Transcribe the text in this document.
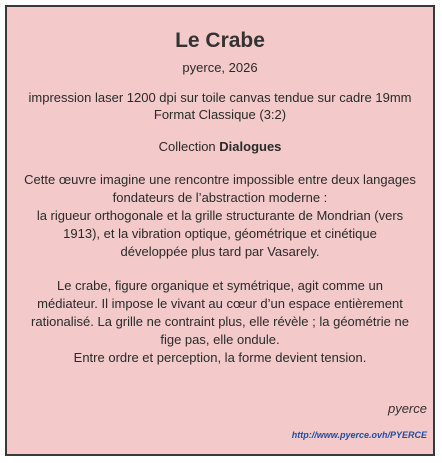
Le Crabe
pyerce, 2026
impression laser 1200 dpi sur toile canvas tendue sur cadre 19mm
Format Classique (3:2)
Collection Dialogues
Cette œuvre imagine une rencontre impossible entre deux langages
fondateurs de l’abstraction moderne :
la rigueur orthogonale et la grille structurante de Mondrian (vers
1913), et la vibration optique, géométrique et cinétique
développée plus tard par Vasarely.
Le crabe, figure organique et symétrique, agit comme un
médiateur. Il impose le vivant au cœur d’un espace entièrement
rationalisé. La grille ne contraint plus, elle révèle ; la géométrie ne
fige pas, elle ondule.
Entre ordre et perception, la forme devient tension.
pyerce
http://www.pyerce.ovh/PYERCE
